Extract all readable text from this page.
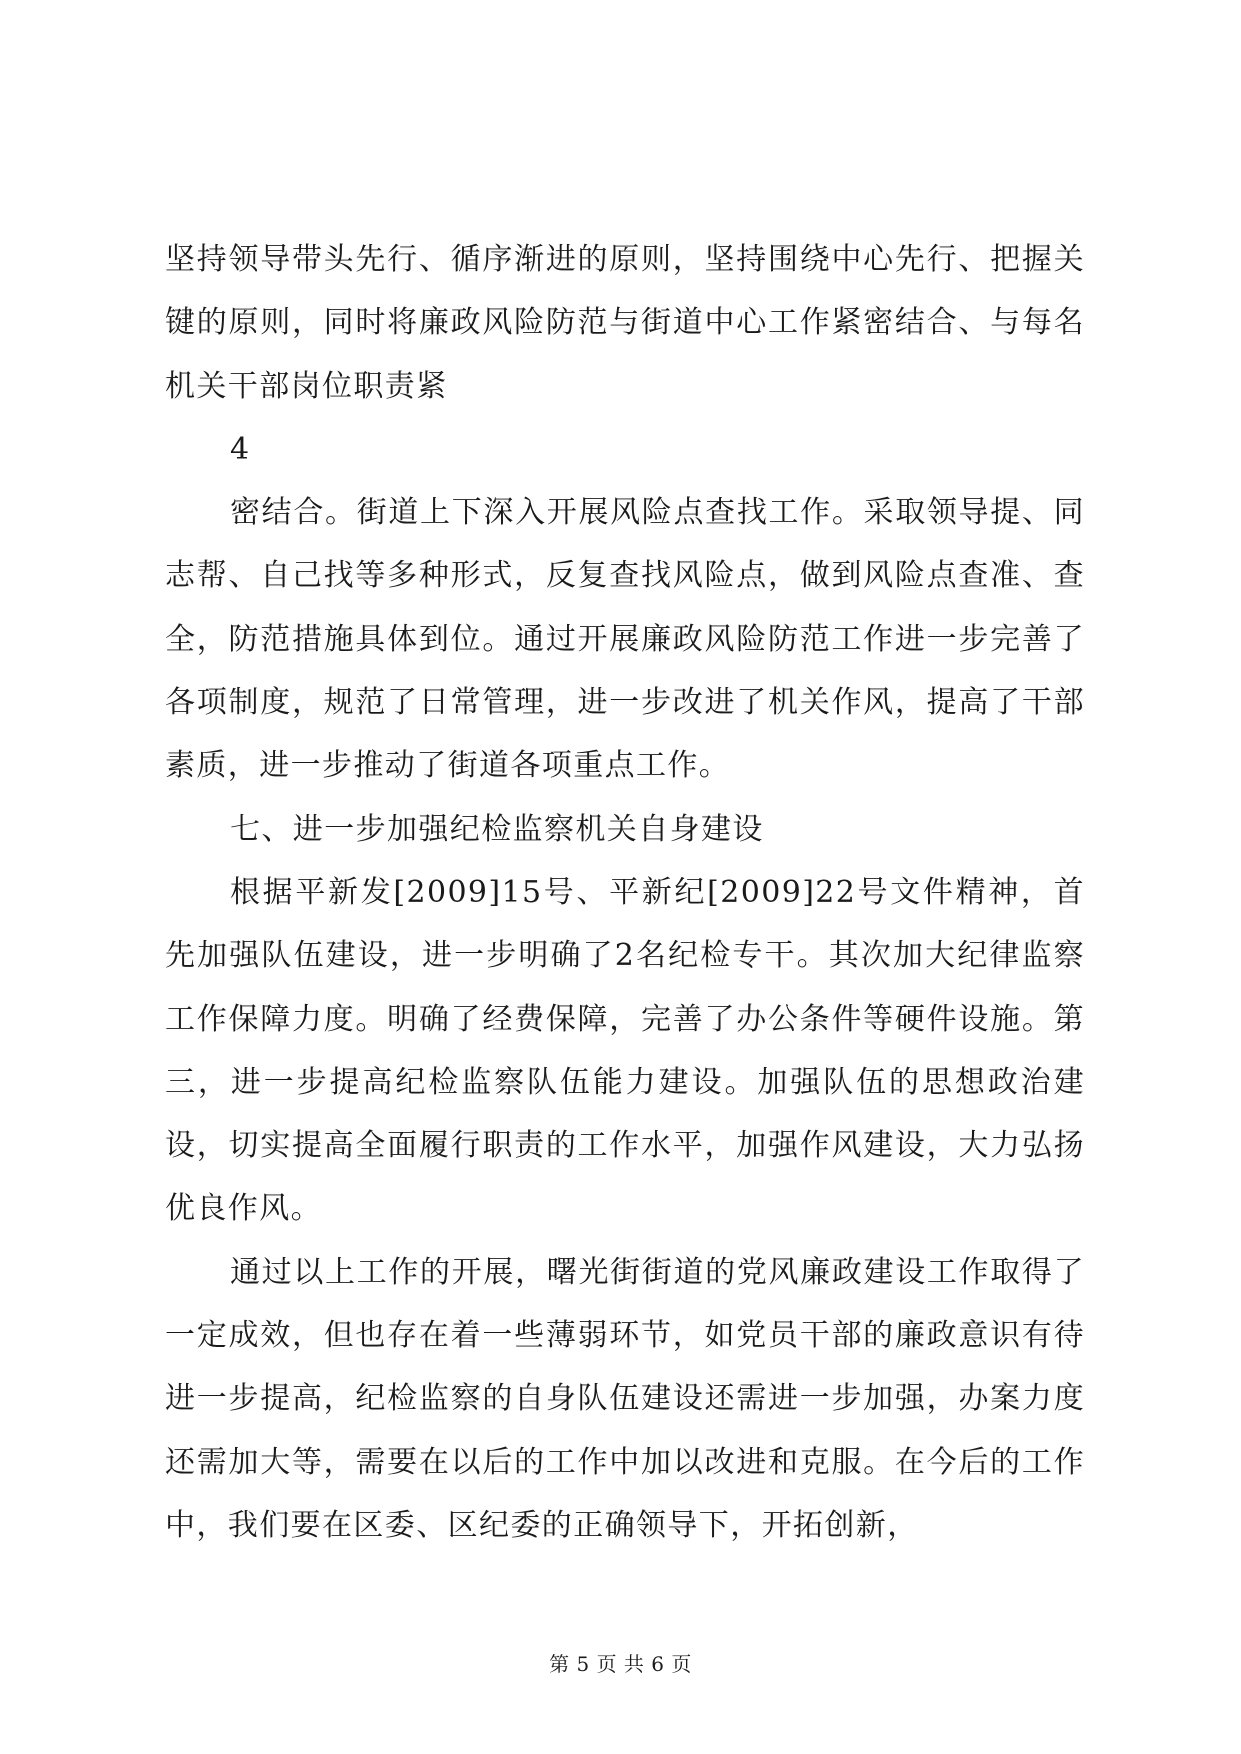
坚持领导带头先行、循序渐进的原则，坚持围绕中心先行、把握关键的原则，同时将廉政风险防范与街道中心工作紧密结合、与每名机关干部岗位职责紧

4

密结合。街道上下深入开展风险点查找工作。采取领导提、同志帮、自己找等多种形式，反复查找风险点，做到风险点查准、查全，防范措施具体到位。通过开展廉政风险防范工作进一步完善了各项制度，规范了日常管理，进一步改进了机关作风，提高了干部素质，进一步推动了街道各项重点工作。

七、进一步加强纪检监察机关自身建设

根据平新发[2009]15号、平新纪[2009]22号文件精神，首先加强队伍建设，进一步明确了2名纪检专干。其次加大纪律监察工作保障力度。明确了经费保障，完善了办公条件等硬件设施。第三，进一步提高纪检监察队伍能力建设。加强队伍的思想政治建设，切实提高全面履行职责的工作水平，加强作风建设，大力弘扬优良作风。

通过以上工作的开展，曙光街街道的党风廉政建设工作取得了一定成效，但也存在着一些薄弱环节，如党员干部的廉政意识有待进一步提高，纪检监察的自身队伍建设还需进一步加强，办案力度还需加大等，需要在以后的工作中加以改进和克服。在今后的工作中，我们要在区委、区纪委的正确领导下，开拓创新，

第 5 页 共 6 页
